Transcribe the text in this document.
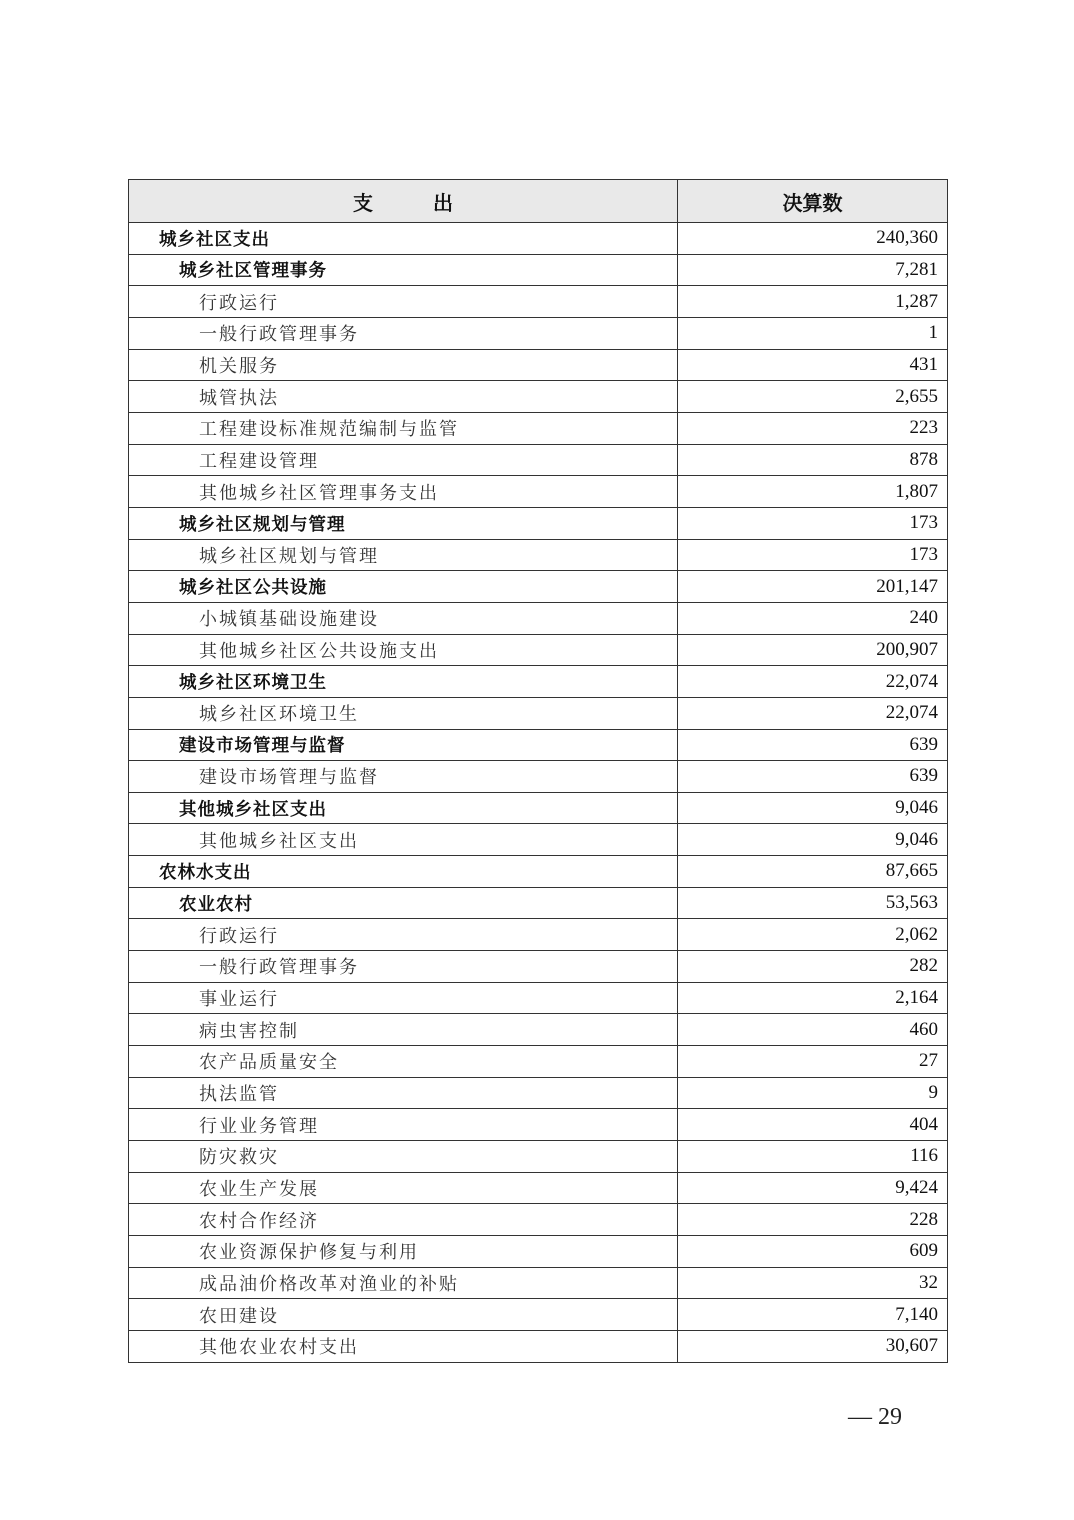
支　　　出	决算数
城乡社区支出	240,360
城乡社区管理事务	7,281
行政运行	1,287
一般行政管理事务	1
机关服务	431
城管执法	2,655
工程建设标准规范编制与监管	223
工程建设管理	878
其他城乡社区管理事务支出	1,807
城乡社区规划与管理	173
城乡社区规划与管理	173
城乡社区公共设施	201,147
小城镇基础设施建设	240
其他城乡社区公共设施支出	200,907
城乡社区环境卫生	22,074
城乡社区环境卫生	22,074
建设市场管理与监督	639
建设市场管理与监督	639
其他城乡社区支出	9,046
其他城乡社区支出	9,046
农林水支出	87,665
农业农村	53,563
行政运行	2,062
一般行政管理事务	282
事业运行	2,164
病虫害控制	460
农产品质量安全	27
执法监管	9
行业业务管理	404
防灾救灾	116
农业生产发展	9,424
农村合作经济	228
农业资源保护修复与利用	609
成品油价格改革对渔业的补贴	32
农田建设	7,140
其他农业农村支出	30,607
— 29
